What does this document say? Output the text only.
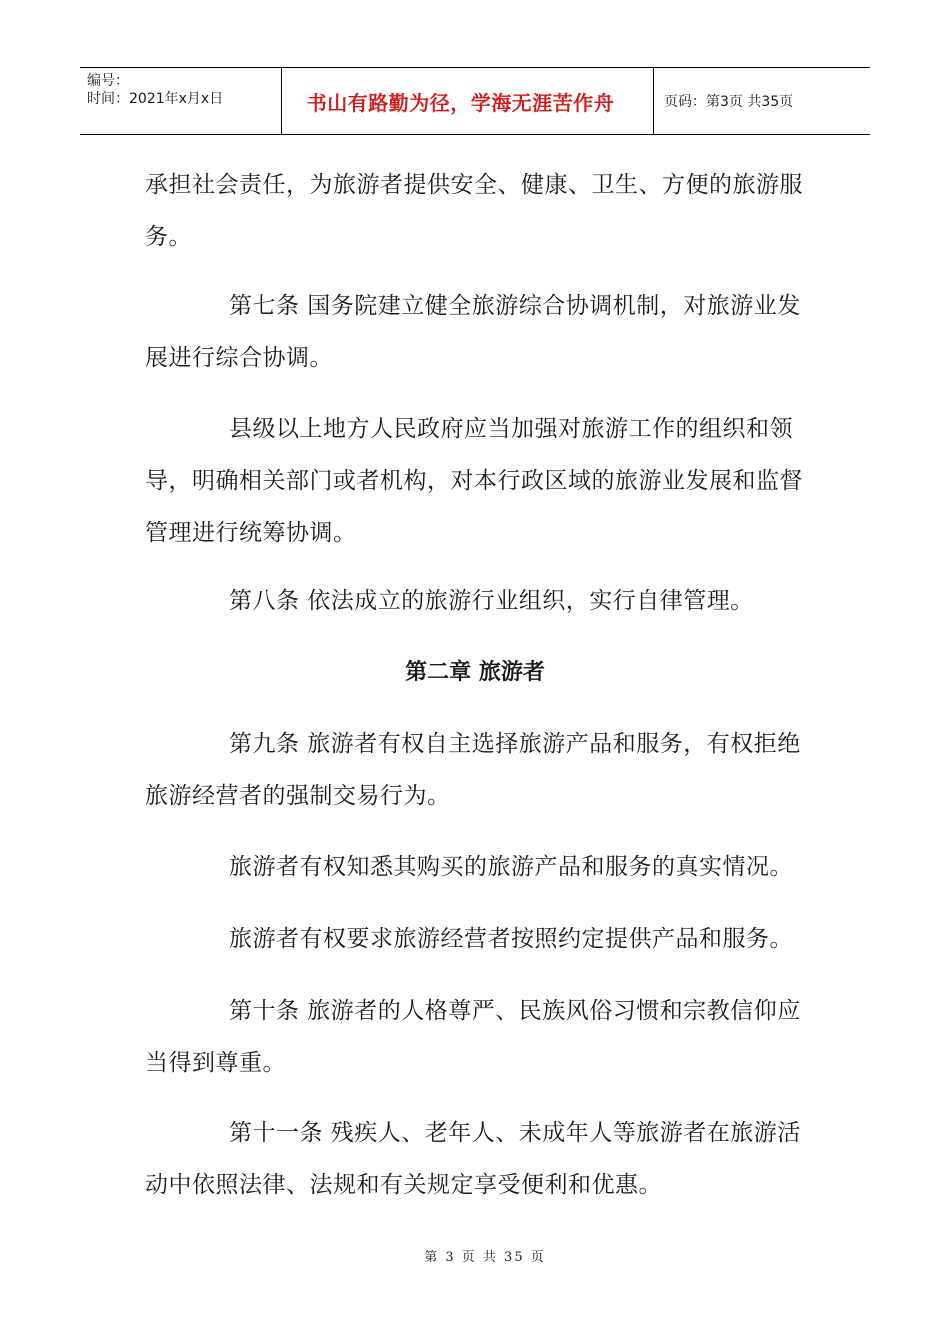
编号：
时间：2021年x月x日	书山有路勤为径，学海无涯苦作舟	页码：第3页 共35页

承担社会责任，为旅游者提供安全、健康、卫生、方便的旅游服务。

第七条 国务院建立健全旅游综合协调机制，对旅游业发展进行综合协调。

县级以上地方人民政府应当加强对旅游工作的组织和领导，明确相关部门或者机构，对本行政区域的旅游业发展和监督管理进行统筹协调。

第八条 依法成立的旅游行业组织，实行自律管理。

第二章 旅游者

第九条 旅游者有权自主选择旅游产品和服务，有权拒绝旅游经营者的强制交易行为。

旅游者有权知悉其购买的旅游产品和服务的真实情况。

旅游者有权要求旅游经营者按照约定提供产品和服务。

第十条 旅游者的人格尊严、民族风俗习惯和宗教信仰应当得到尊重。

第十一条 残疾人、老年人、未成年人等旅游者在旅游活动中依照法律、法规和有关规定享受便利和优惠。

第 3 页 共 35 页
